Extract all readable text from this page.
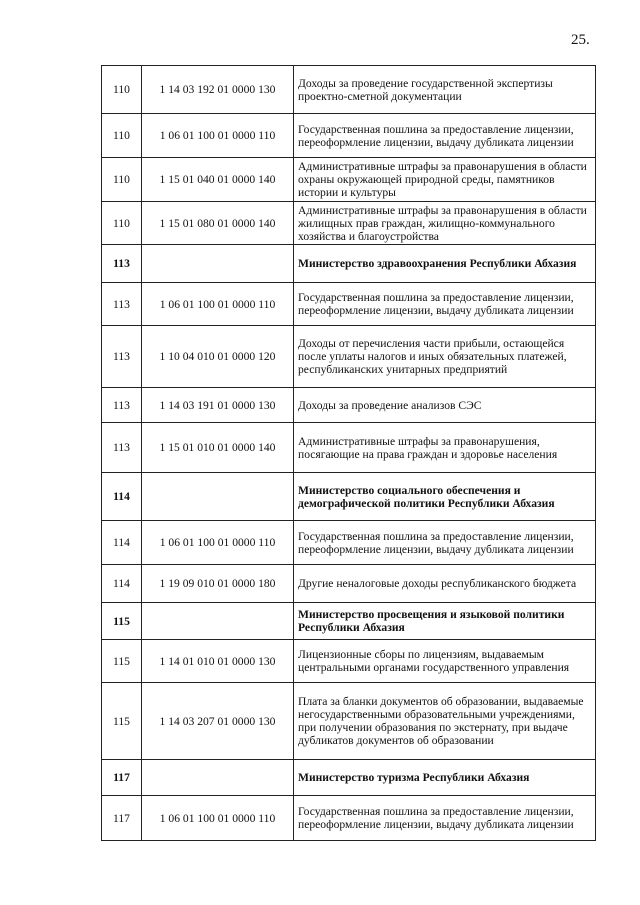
25.
110	1 14 03 192 01 0000 130	Доходы за проведение государственной экспертизы проектно-сметной документации

110	1 06 01 100 01 0000 110	Государственная пошлина за предоставление лицензии, переоформление лицензии, выдачу дубликата лицензии

110	1 15 01 040 01 0000 140	Административные штрафы за правонарушения в области охраны окружающей природной среды, памятников истории и культуры

110	1 15 01 080 01 0000 140	Административные штрафы за правонарушения в области жилищных прав граждан, жилищно-коммунального хозяйства и благоустройства

113		Министерство здравоохранения Республики Абхазия

113	1 06 01 100 01 0000 110	Государственная пошлина за предоставление лицензии, переоформление лицензии, выдачу дубликата лицензии

113	1 10 04 010 01 0000 120	Доходы от перечисления части прибыли, остающейся после уплаты налогов и иных обязательных платежей, республиканских унитарных предприятий

113	1 14 03 191 01 0000 130	Доходы за проведение анализов СЭС

113	1 15 01 010 01 0000 140	Административные штрафы за правонарушения, посягающие на права граждан и здоровье населения

114		Министерство социального обеспечения и демографической политики Республики Абхазия

114	1 06 01 100 01 0000 110	Государственная пошлина за предоставление лицензии, переоформление лицензии, выдачу дубликата лицензии

114	1 19 09 010 01 0000 180	Другие неналоговые доходы республиканского бюджета

115		Министерство просвещения и языковой политики Республики Абхазия

115	1 14 01 010 01 0000 130	Лицензионные сборы по лицензиям, выдаваемым центральными органами государственного управления

115	1 14 03 207 01 0000 130	Плата за бланки документов об образовании, выдаваемые негосударственными образовательными учреждениями, при получении образования по экстернату, при выдаче дубликатов документов об образовании

117		Министерство туризма Республики Абхазия

117	1 06 01 100 01 0000 110	Государственная пошлина за предоставление лицензии, переоформление лицензии, выдачу дубликата лицензии
